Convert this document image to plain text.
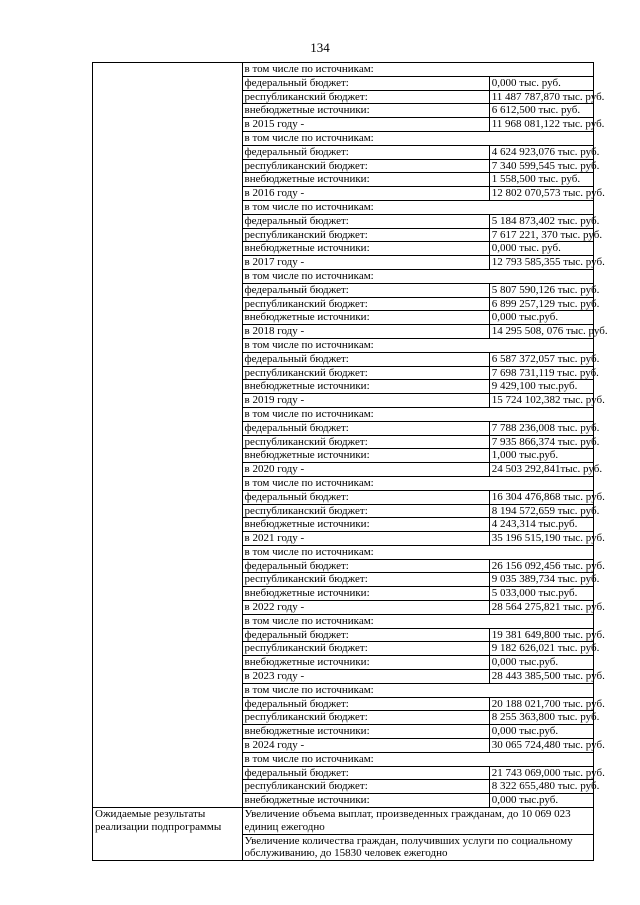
134
	в том числе по источникам:	
	федеральный бюджет:	0,000 тыс. руб.
	республиканский бюджет:	11 487 787,870 тыс. руб.
	внебюджетные источники:	6 612,500 тыс. руб.
	в 2015 году -	11 968 081,122 тыс. руб.
	в том числе по источникам:	
	федеральный бюджет:	4 624 923,076 тыс. руб.
	республиканский бюджет:	7 340 599,545 тыс. руб.
	внебюджетные источники:	1 558,500 тыс. руб.
	в 2016 году -	12 802 070,573 тыс. руб.
	в том числе по источникам:	
	федеральный бюджет:	5 184 873,402 тыс. руб.
	республиканский бюджет:	7 617 221, 370 тыс. руб.
	внебюджетные источники:	0,000 тыс. руб.
	в 2017 году -	12 793 585,355 тыс. руб.
	в том числе по источникам:	
	федеральный бюджет:	5 807 590,126 тыс. руб.
	республиканский бюджет:	6 899 257,129 тыс. руб.
	внебюджетные источники:	0,000 тыс.руб.
	в 2018 году -	14 295 508, 076 тыс. руб.
	в том числе по источникам:	
	федеральный бюджет:	6 587 372,057 тыс. руб.
	республиканский бюджет:	7 698 731,119 тыс. руб.
	внебюджетные источники:	9 429,100 тыс.руб.
	в 2019 году -	15 724 102,382 тыс. руб.
	в том числе по источникам:	
	федеральный бюджет:	7 788 236,008 тыс. руб.
	республиканский бюджет:	7 935 866,374 тыс. руб.
	внебюджетные источники:	1,000 тыс.руб.
	в 2020 году -	24 503 292,841тыс. руб.
	в том числе по источникам:	
	федеральный бюджет:	16 304 476,868 тыс. руб.
	республиканский бюджет:	8 194 572,659 тыс. руб.
	внебюджетные источники:	4 243,314 тыс.руб.
	в 2021 году -	35 196 515,190 тыс. руб.
	в том числе по источникам:	
	федеральный бюджет:	26 156 092,456 тыс. руб.
	республиканский бюджет:	9 035 389,734 тыс. руб.
	внебюджетные источники:	5 033,000 тыс.руб.
	в 2022 году -	28 564 275,821 тыс. руб.
	в том числе по источникам:	
	федеральный бюджет:	19 381 649,800 тыс. руб.
	республиканский бюджет:	9 182 626,021 тыс. руб.
	внебюджетные источники:	0,000 тыс.руб.
	в 2023 году -	28 443 385,500 тыс. руб.
	в том числе по источникам:	
	федеральный бюджет:	20 188 021,700 тыс. руб.
	республиканский бюджет:	8 255 363,800 тыс. руб.
	внебюджетные источники:	0,000 тыс.руб.
	в 2024 году -	30 065 724,480 тыс. руб.
	в том числе по источникам:	
	федеральный бюджет:	21 743 069,000 тыс. руб.
	республиканский бюджет:	8 322 655,480 тыс. руб.
	внебюджетные источники:	0,000 тыс.руб.
Ожидаемые результаты реализации подпрограммы	Увеличение объема выплат, произведенных гражданам, до 10 069 023 единиц ежегодно	
	Увеличение количества граждан, получивших услуги по социальному обслуживанию, до 15830 человек ежегодно	
